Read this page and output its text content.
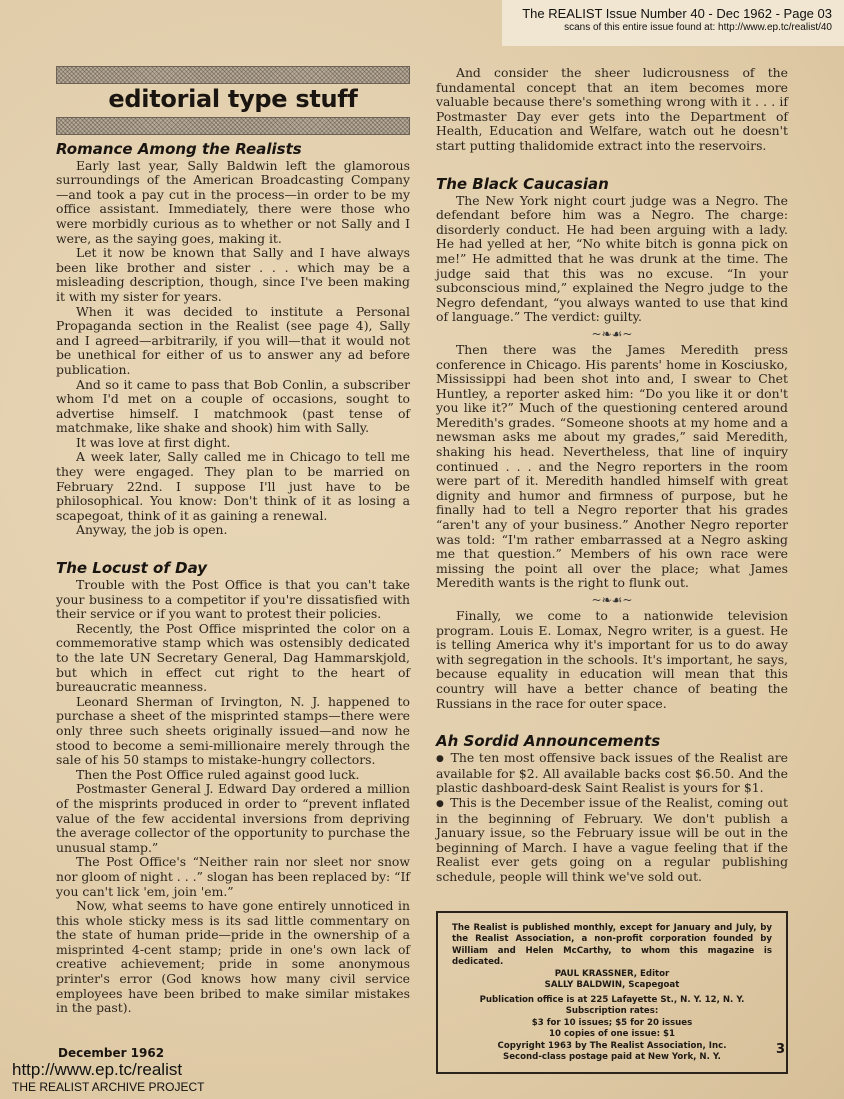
The REALIST Issue Number 40 - Dec 1962 - Page 03
scans of this entire issue found at: http://www.ep.tc/realist/40
editorial type stuff
Romance Among the Realists

Early last year, Sally Baldwin left the glamorous surroundings of the American Broadcasting Company —and took a pay cut in the process—in order to be my office assistant. Immediately, there were those who were morbidly curious as to whether or not Sally and I were, as the saying goes, making it.

Let it now be known that Sally and I have always been like brother and sister . . . which may be a misleading description, though, since I've been making it with my sister for years.

When it was decided to institute a Personal Propaganda section in the Realist (see page 4), Sally and I agreed—arbitrarily, if you will—that it would not be unethical for either of us to answer any ad before publication.

And so it came to pass that Bob Conlin, a subscriber whom I'd met on a couple of occasions, sought to advertise himself. I matchmook (past tense of matchmake, like shake and shook) him with Sally.

It was love at first dight.

A week later, Sally called me in Chicago to tell me they were engaged. They plan to be married on February 22nd. I suppose I'll just have to be philosophical. You know: Don't think of it as losing a scapegoat, think of it as gaining a renewal.

Anyway, the job is open.

The Locust of Day

Trouble with the Post Office is that you can't take your business to a competitor if you're dissatisfied with their service or if you want to protest their policies.

Recently, the Post Office misprinted the color on a commemorative stamp which was ostensibly dedicated to the late UN Secretary General, Dag Hammarskjold, but which in effect cut right to the heart of bureaucratic meanness.

Leonard Sherman of Irvington, N. J. happened to purchase a sheet of the misprinted stamps—there were only three such sheets originally issued—and now he stood to become a semi-millionaire merely through the sale of his 50 stamps to mistake-hungry collectors.

Then the Post Office ruled against good luck.

Postmaster General J. Edward Day ordered a million of the misprints produced in order to “prevent inflated value of the few accidental inversions from depriving the average collector of the opportunity to purchase the unusual stamp.”

The Post Office's “Neither rain nor sleet nor snow nor gloom of night . . .” slogan has been replaced by: “If you can't lick 'em, join 'em.”

Now, what seems to have gone entirely unnoticed in this whole sticky mess is its sad little commentary on the state of human pride—pride in the ownership of a misprinted 4-cent stamp; pride in one's own lack of creative achievement; pride in some anonymous printer's error (God knows how many civil service employees have been bribed to make similar mistakes in the past).

And consider the sheer ludicrousness of the fundamental concept that an item becomes more valuable because there's something wrong with it . . . if Postmaster Day ever gets into the Department of Health, Education and Welfare, watch out he doesn't start putting thalidomide extract into the reservoirs.

The Black Caucasian

The New York night court judge was a Negro. The defendant before him was a Negro. The charge: disorderly conduct. He had been arguing with a lady. He had yelled at her, “No white bitch is gonna pick on me!” He admitted that he was drunk at the time. The judge said that this was no excuse. “In your subconscious mind,” explained the Negro judge to the Negro defendant, “you always wanted to use that kind of language.” The verdict: guilty.

~❧☙~

Then there was the James Meredith press conference in Chicago. His parents' home in Kosciusko, Mississippi had been shot into and, I swear to Chet Huntley, a reporter asked him: “Do you like it or don't you like it?” Much of the questioning centered around Meredith's grades. “Someone shoots at my home and a newsman asks me about my grades,” said Meredith, shaking his head. Nevertheless, that line of inquiry continued . . . and the Negro reporters in the room were part of it. Meredith handled himself with great dignity and humor and firmness of purpose, but he finally had to tell a Negro reporter that his grades “aren't any of your business.” Another Negro reporter was told: “I'm rather embarrassed at a Negro asking me that question.” Members of his own race were missing the point all over the place; what James Meredith wants is the right to flunk out.

~❧☙~

Finally, we come to a nationwide television program. Louis E. Lomax, Negro writer, is a guest. He is telling America why it's important for us to do away with segregation in the schools. It's important, he says, because equality in education will mean that this country will have a better chance of beating the Russians in the race for outer space.

Ah Sordid Announcements

● The ten most offensive back issues of the Realist are available for $2. All available backs cost $6.50. And the plastic dashboard-desk Saint Realist is yours for $1.

● This is the December issue of the Realist, coming out in the beginning of February. We don't publish a January issue, so the February issue will be out in the beginning of March. I have a vague feeling that if the Realist ever gets going on a regular publishing schedule, people will think we've sold out.

The Realist is published monthly, except for January and July, by the Realist Association, a non-profit corporation founded by William and Helen McCarthy, to whom this magazine is dedicated.
PAUL KRASSNER, Editor
SALLY BALDWIN, Scapegoat
Publication office is at 225 Lafayette St., N. Y. 12, N. Y.
Subscription rates:
$3 for 10 issues; $5 for 20 issues
10 copies of one issue: $1
Copyright 1963 by The Realist Association, Inc.
Second-class postage paid at New York, N. Y.
December 1962	3
http://www.ep.tc/realist
THE REALIST ARCHIVE PROJECT
